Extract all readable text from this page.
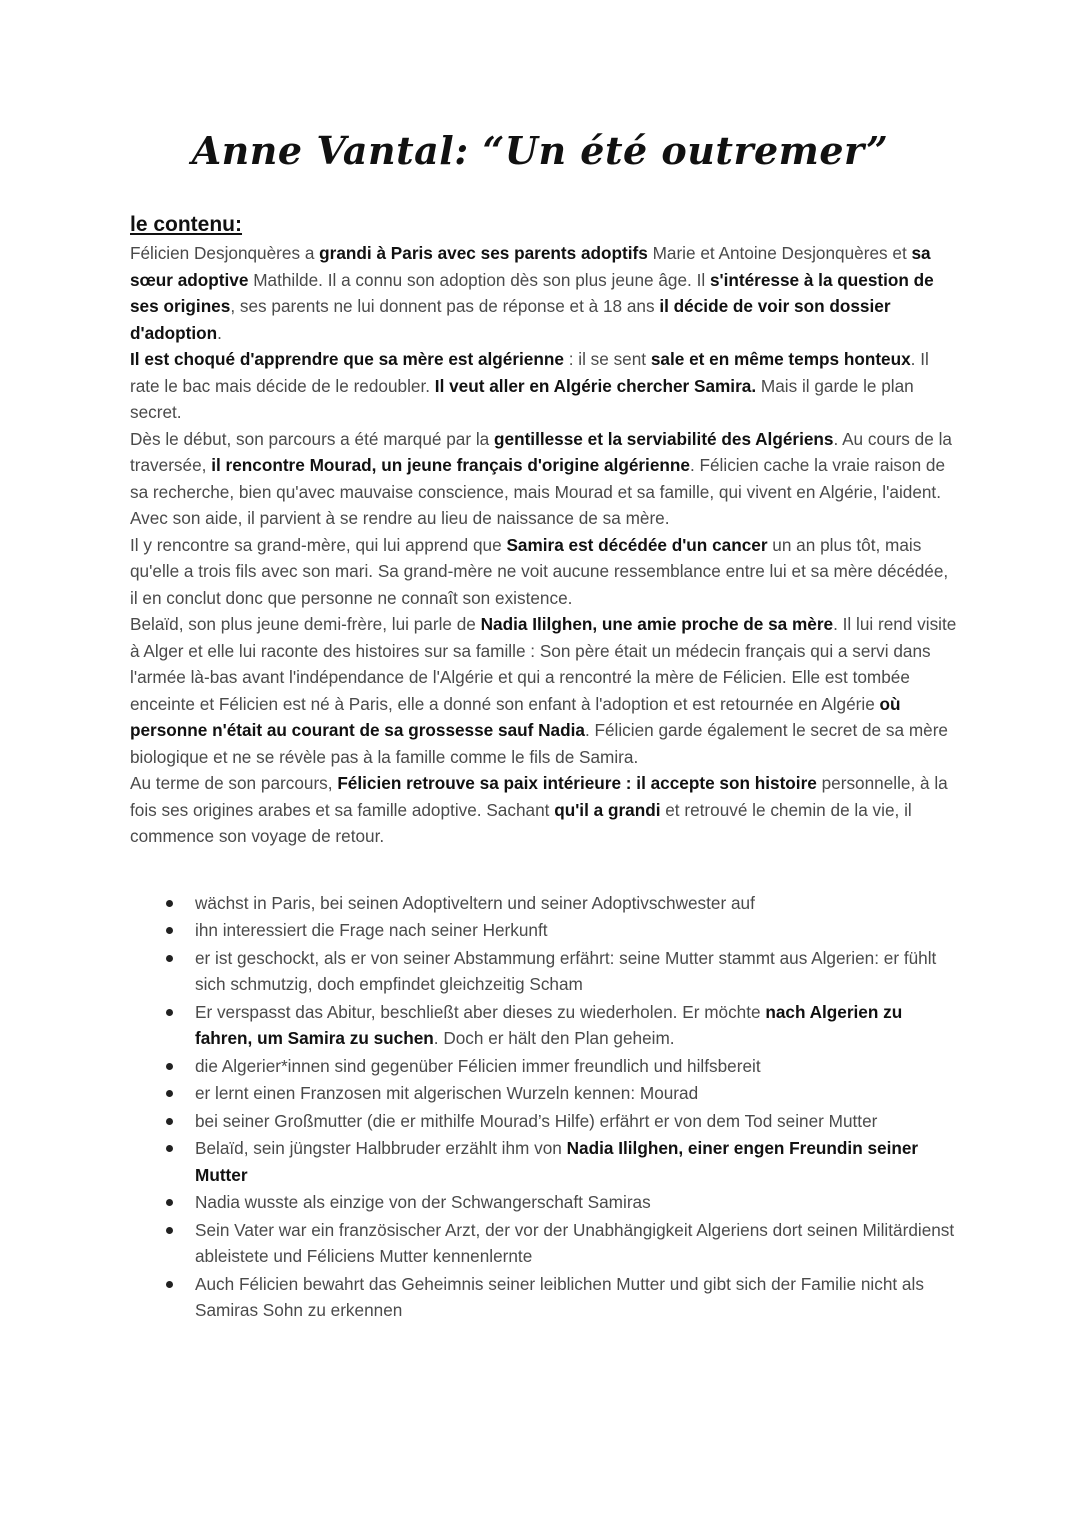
Anne Vantal: “Un été outremer”
le contenu:

Félicien Desjonquères a grandi à Paris avec ses parents adoptifs Marie et Antoine Desjonquères et sa sœur adoptive Mathilde. Il a connu son adoption dès son plus jeune âge. Il s'intéresse à la question de ses origines, ses parents ne lui donnent pas de réponse et à 18 ans il décide de voir son dossier d'adoption.

Il est choqué d'apprendre que sa mère est algérienne : il se sent sale et en même temps honteux. Il rate le bac mais décide de le redoubler. Il veut aller en Algérie chercher Samira. Mais il garde le plan secret.

Dès le début, son parcours a été marqué par la gentillesse et la serviabilité des Algériens. Au cours de la traversée, il rencontre Mourad, un jeune français d'origine algérienne. Félicien cache la vraie raison de sa recherche, bien qu'avec mauvaise conscience, mais Mourad et sa famille, qui vivent en Algérie, l'aident. Avec son aide, il parvient à se rendre au lieu de naissance de sa mère.

Il y rencontre sa grand-mère, qui lui apprend que Samira est décédée d'un cancer un an plus tôt, mais qu'elle a trois fils avec son mari. Sa grand-mère ne voit aucune ressemblance entre lui et sa mère décédée, il en conclut donc que personne ne connaît son existence.

Belaïd, son plus jeune demi-frère, lui parle de Nadia Ililghen, une amie proche de sa mère. Il lui rend visite à Alger et elle lui raconte des histoires sur sa famille : Son père était un médecin français qui a servi dans l'armée là-bas avant l'indépendance de l'Algérie et qui a rencontré la mère de Félicien. Elle est tombée enceinte et Félicien est né à Paris, elle a donné son enfant à l'adoption et est retournée en Algérie où personne n'était au courant de sa grossesse sauf Nadia. Félicien garde également le secret de sa mère biologique et ne se révèle pas à la famille comme le fils de Samira.

Au terme de son parcours, Félicien retrouve sa paix intérieure : il accepte son histoire personnelle, à la fois ses origines arabes et sa famille adoptive. Sachant qu'il a grandi et retrouvé le chemin de la vie, il commence son voyage de retour.

wächst in Paris, bei seinen Adoptiveltern und seiner Adoptivschwester auf
ihn interessiert die Frage nach seiner Herkunft
er ist geschockt, als er von seiner Abstammung erfährt: seine Mutter stammt aus Algerien: er fühlt sich schmutzig, doch empfindet gleichzeitig Scham
Er verspasst das Abitur, beschließt aber dieses zu wiederholen. Er möchte nach Algerien zu fahren, um Samira zu suchen. Doch er hält den Plan geheim.
die Algerier*innen sind gegenüber Félicien immer freundlich und hilfsbereit
er lernt einen Franzosen mit algerischen Wurzeln kennen: Mourad
bei seiner Großmutter (die er mithilfe Mourad’s Hilfe) erfährt er von dem Tod seiner Mutter
Belaïd, sein jüngster Halbbruder erzählt ihm von Nadia Ililghen, einer engen Freundin seiner Mutter
Nadia wusste als einzige von der Schwangerschaft Samiras
Sein Vater war ein französischer Arzt, der vor der Unabhängigkeit Algeriens dort seinen Militärdienst ableistete und Féliciens Mutter kennenlernte
Auch Félicien bewahrt das Geheimnis seiner leiblichen Mutter und gibt sich der Familie nicht als Samiras Sohn zu erkennen
